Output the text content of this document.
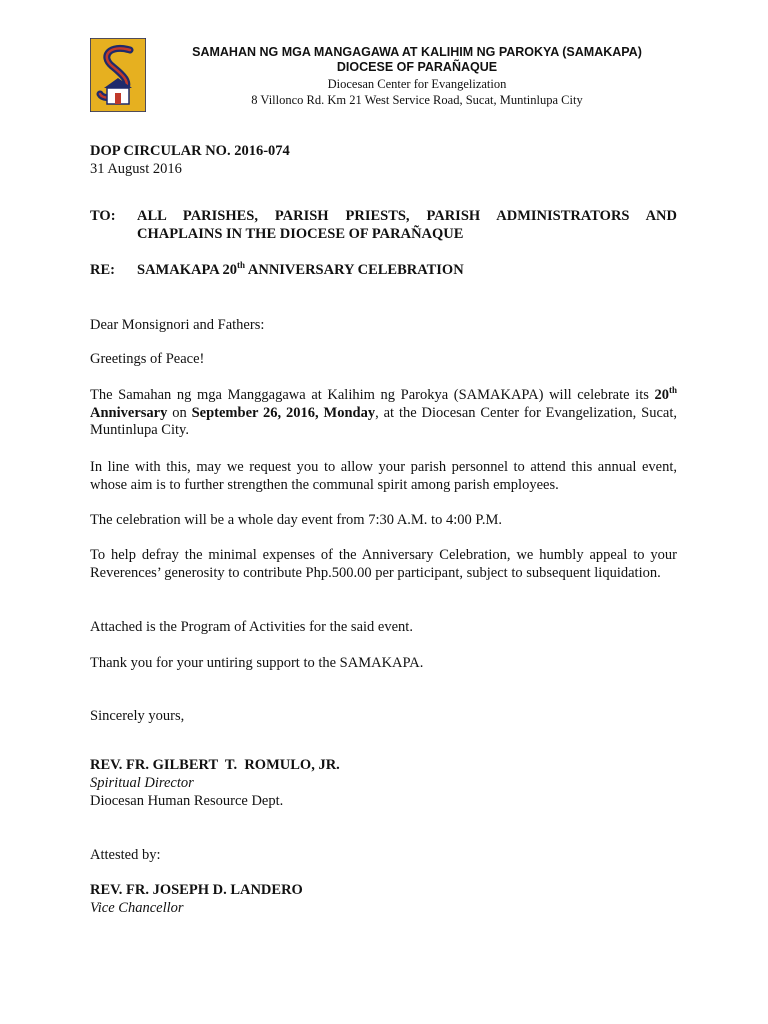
SAMAHAN NG MGA MANGAGAWA AT KALIHIM NG PAROKYA (SAMAKAPA)
DIOCESE OF PARAÑAQUE
Diocesan Center for Evangelization
8 Villonco Rd. Km 21 West Service Road, Sucat, Muntinlupa City
DOP CIRCULAR NO. 2016-074
31 August 2016
TO: ALL PARISHES, PARISH PRIESTS, PARISH ADMINISTRATORS AND CHAPLAINS IN THE DIOCESE OF PARAÑAQUE
RE: SAMAKAPA 20th ANNIVERSARY CELEBRATION
Dear Monsignori and Fathers:
Greetings of Peace!
The Samahan ng mga Manggagawa at Kalihim ng Parokya (SAMAKAPA) will celebrate its 20th Anniversary on September 26, 2016, Monday, at the Diocesan Center for Evangelization, Sucat, Muntinlupa City.
In line with this, may we request you to allow your parish personnel to attend this annual event, whose aim is to further strengthen the communal spirit among parish employees.
The celebration will be a whole day event from 7:30 A.M. to 4:00 P.M.
To help defray the minimal expenses of the Anniversary Celebration, we humbly appeal to your Reverences’ generosity to contribute Php.500.00 per participant, subject to subsequent liquidation.
Attached is the Program of Activities for the said event.
Thank you for your untiring support to the SAMAKAPA.
Sincerely yours,
REV. FR. GILBERT  T.  ROMULO, JR.
Spiritual Director
Diocesan Human Resource Dept.
Attested by:
REV. FR. JOSEPH D. LANDERO
Vice Chancellor
